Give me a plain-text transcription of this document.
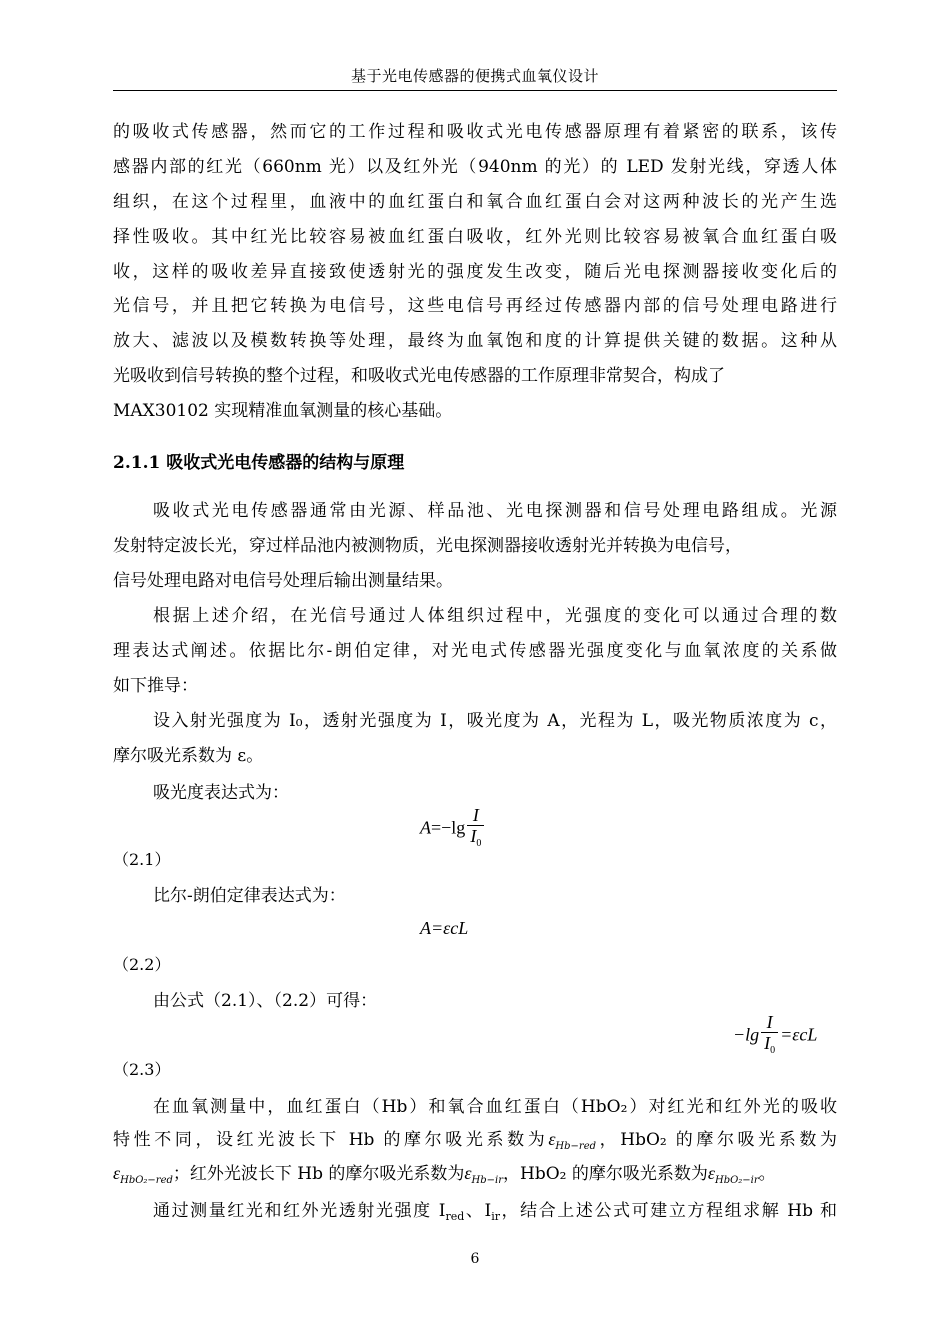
基于光电传感器的便携式血氧仪设计
的吸收式传感器，然而它的工作过程和吸收式光电传感器原理有着紧密的联系，该传
感器内部的红光（660nm 光）以及红外光（940nm 的光）的 LED 发射光线，穿透人体
组织，在这个过程里，血液中的血红蛋白和氧合血红蛋白会对这两种波长的光产生选
择性吸收。其中红光比较容易被血红蛋白吸收，红外光则比较容易被氧合血红蛋白吸
收，这样的吸收差异直接致使透射光的强度发生改变，随后光电探测器接收变化后的
光信号，并且把它转换为电信号，这些电信号再经过传感器内部的信号处理电路进行
放大、滤波以及模数转换等处理，最终为血氧饱和度的计算提供关键的数据。这种从
光吸收到信号转换的整个过程，和吸收式光电传感器的工作原理非常契合，构成了
MAX30102 实现精准血氧测量的核心基础。
2.1.1 吸收式光电传感器的结构与原理
吸收式光电传感器通常由光源、样品池、光电探测器和信号处理电路组成。光源
发射特定波长光，穿过样品池内被测物质，光电探测器接收透射光并转换为电信号，
信号处理电路对电信号处理后输出测量结果。
根据上述介绍，在光信号通过人体组织过程中，光强度的变化可以通过合理的数
理表达式阐述。依据比尔-朗伯定律，对光电式传感器光强度变化与血氧浓度的关系做
如下推导：
设入射光强度为 I₀，透射光强度为 I，吸光度为 A，光程为 L，吸光物质浓度为 c，
摩尔吸光系数为 ε。
吸光度表达式为：
$A=-\lg \frac{I}{I_0}$
（2.1）
比尔-朗伯定律表达式为：
A=εcL
（2.2）
由公式（2.1）、（2.2）可得：
$-\lg \frac{I}{I_0} =\varepsilon cL$
（2.3）
在血氧测量中，血红蛋白（Hb）和氧合血红蛋白（HbO₂）对红光和红外光的吸收
特性不同，设红光波长下 Hb 的摩尔吸光系数为$\varepsilon_{Hb-red}$，HbO₂ 的摩尔吸光系数为
$\varepsilon_{HbO_2-red}$；红外光波长下 Hb 的摩尔吸光系数为$\varepsilon_{Hb-ir}$，HbO₂ 的摩尔吸光系数为$\varepsilon_{HbO_2-ir}$。
通过测量红光和红外光透射光强度 $I_{red}$、$I_{ir}$，结合上述公式可建立方程组求解 Hb 和
6
